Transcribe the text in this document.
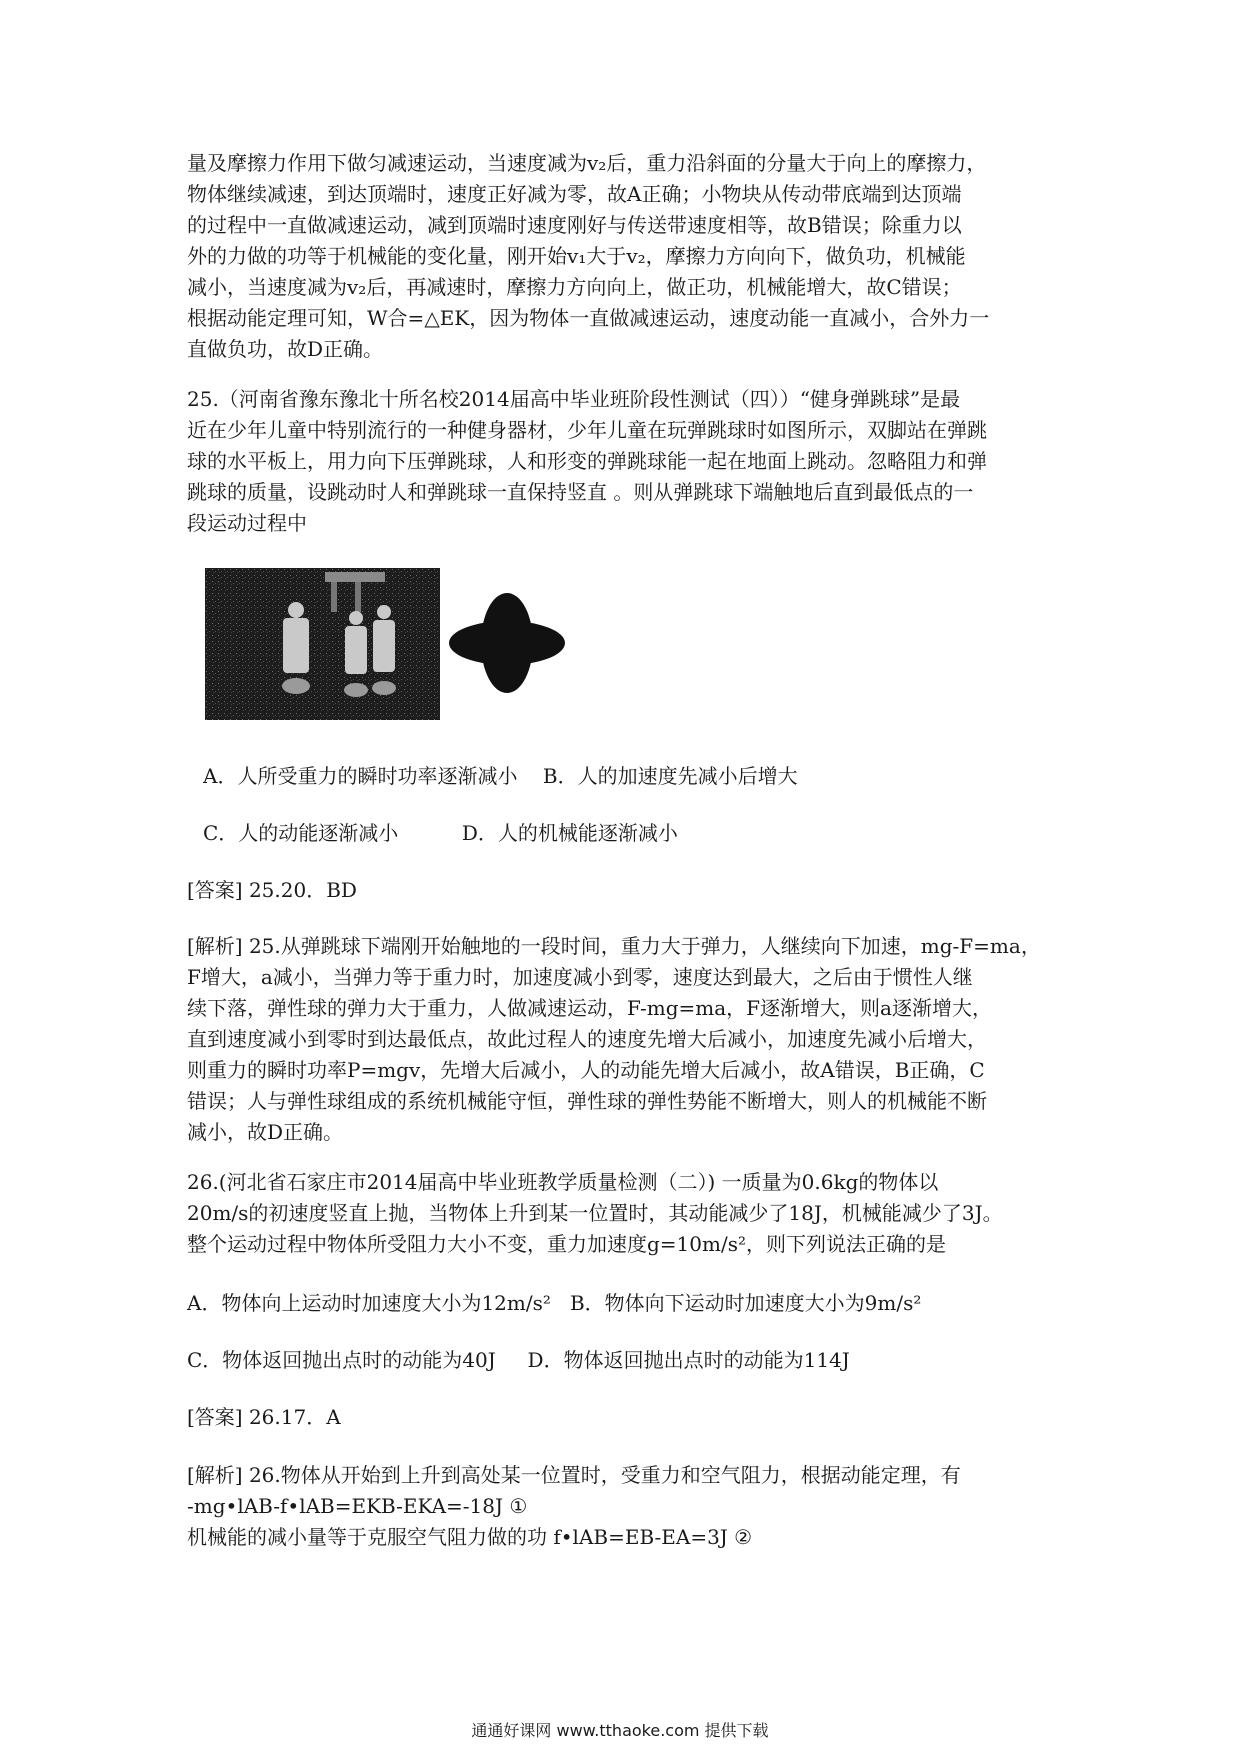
量及摩擦力作用下做匀减速运动，当速度减为v₂后，重力沿斜面的分量大于向上的摩擦力，
物体继续减速，到达顶端时，速度正好减为零，故A正确；小物块从传动带底端到达顶端
的过程中一直做减速运动，减到顶端时速度刚好与传送带速度相等，故B错误；除重力以
外的力做的功等于机械能的变化量，刚开始v₁大于v₂，摩擦力方向向下，做负功，机械能
减小，当速度减为v₂后，再减速时，摩擦力方向向上，做正功，机械能增大，故C错误；
根据动能定理可知，W合=△EK，因为物体一直做减速运动，速度动能一直减小，合外力一
直做负功，故D正确。

25.（河南省豫东豫北十所名校2014届高中毕业班阶段性测试（四））“健身弹跳球”是最
近在少年儿童中特别流行的一种健身器材，少年儿童在玩弹跳球时如图所示，双脚站在弹跳
球的水平板上，用力向下压弹跳球，人和形变的弹跳球能一起在地面上跳动。忽略阻力和弹
跳球的质量，设跳动时人和弹跳球一直保持竖直 。则从弹跳球下端触地后直到最低点的一
段运动过程中

A．人所受重力的瞬时功率逐渐减小    B．人的加速度先减小后增大
C．人的动能逐渐减小          D．人的机械能逐渐减小
[答案] 25.20．BD

[解析] 25.从弹跳球下端刚开始触地的一段时间，重力大于弹力，人继续向下加速，mg-F=ma，
F增大，a减小，当弹力等于重力时，加速度减小到零，速度达到最大，之后由于惯性人继
续下落，弹性球的弹力大于重力，人做减速运动，F-mg=ma，F逐渐增大，则a逐渐增大，
直到速度减小到零时到达最低点，故此过程人的速度先增大后减小，加速度先减小后增大，
则重力的瞬时功率P=mgv，先增大后减小，人的动能先增大后减小，故A错误，B正确，C
错误；人与弹性球组成的系统机械能守恒，弹性球的弹性势能不断增大，则人的机械能不断
减小，故D正确。

26.(河北省石家庄市2014届高中毕业班教学质量检测（二）) 一质量为0.6kg的物体以
20m/s的初速度竖直上抛，当物体上升到某一位置时，其动能减少了18J，机械能减少了3J。
整个运动过程中物体所受阻力大小不变，重力加速度g=10m/s²，则下列说法正确的是

A．物体向上运动时加速度大小为12m/s²   B．物体向下运动时加速度大小为9m/s²
C．物体返回抛出点时的动能为40J     D．物体返回抛出点时的动能为114J
[答案] 26.17．A

[解析] 26.物体从开始到上升到高处某一位置时，受重力和空气阻力，根据动能定理，有
-mg•lAB-f•lAB=EKB-EKA=-18J ①
机械能的减小量等于克服空气阻力做的功 f•lAB=EB-EA=3J ②

通通好课网 www.tthaoke.com 提供下载
